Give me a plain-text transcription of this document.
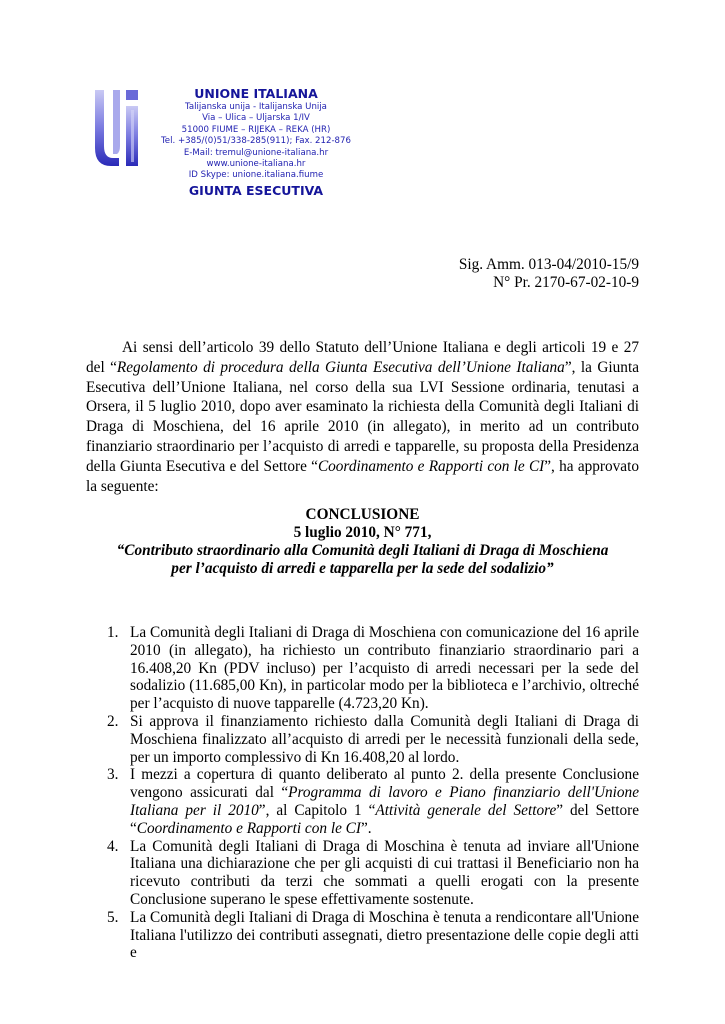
Ui	UNIONE ITALIANA
Talijanska unija - Italijanska Unija
Via – Ulica – Uljarska 1/IV
51000 FIUME – RIJEKA – REKA (HR)
Tel. +385/(0)51/338-285(911); Fax. 212-876
E-Mail: tremul@unione-italiana.hr
www.unione-italiana.hr
ID Skype: unione.italiana.fiume
GIUNTA ESECUTIVA
Sig. Amm. 013-04/2010-15/9
N° Pr. 2170-67-02-10-9

Ai sensi dell’articolo 39 dello Statuto dell’Unione Italiana e degli articoli 19 e 27 del “Regolamento di procedura della Giunta Esecutiva dell’Unione Italiana”, la Giunta Esecutiva dell’Unione Italiana, nel corso della sua LVI Sessione ordinaria, tenutasi a Orsera, il 5 luglio 2010, dopo aver esaminato la richiesta della Comunità degli Italiani di Draga di Moschiena, del 16 aprile 2010 (in allegato), in merito ad un contributo finanziario straordinario per l’acquisto di arredi e tapparelle, su proposta della Presidenza della Giunta Esecutiva e del Settore “Coordinamento e Rapporti con le CI”, ha approvato la seguente:

CONCLUSIONE
5 luglio 2010, N° 771,
“Contributo straordinario alla Comunità degli Italiani di Draga di Moschiena
per l’acquisto di arredi e tapparella per la sede del sodalizio”
1. La Comunità degli Italiani di Draga di Moschiena con comunicazione del 16 aprile 2010 (in allegato), ha richiesto un contributo finanziario straordinario pari a 16.408,20 Kn (PDV incluso) per l’acquisto di arredi necessari per la sede del sodalizio (11.685,00 Kn), in particolar modo per la biblioteca e l’archivio, oltreché per l’acquisto di nuove tapparelle (4.723,20 Kn).
2. Si approva il finanziamento richiesto dalla Comunità degli Italiani di Draga di Moschiena finalizzato all’acquisto di arredi per le necessità funzionali della sede, per un importo complessivo di Kn 16.408,20 al lordo.
3. I mezzi a copertura di quanto deliberato al punto 2. della presente Conclusione vengono assicurati dal “Programma di lavoro e Piano finanziario dell'Unione Italiana per il 2010”, al Capitolo 1 “Attività generale del Settore” del Settore “Coordinamento e Rapporti con le CI”.
4. La Comunità degli Italiani di Draga di Moschina è tenuta ad inviare all'Unione Italiana una dichiarazione che per gli acquisti di cui trattasi il Beneficiario non ha ricevuto contributi da terzi che sommati a quelli erogati con la presente Conclusione superano le spese effettivamente sostenute.
5. La Comunità degli Italiani di Draga di Moschina è tenuta a rendicontare all'Unione Italiana l'utilizzo dei contributi assegnati, dietro presentazione delle copie degli atti e
